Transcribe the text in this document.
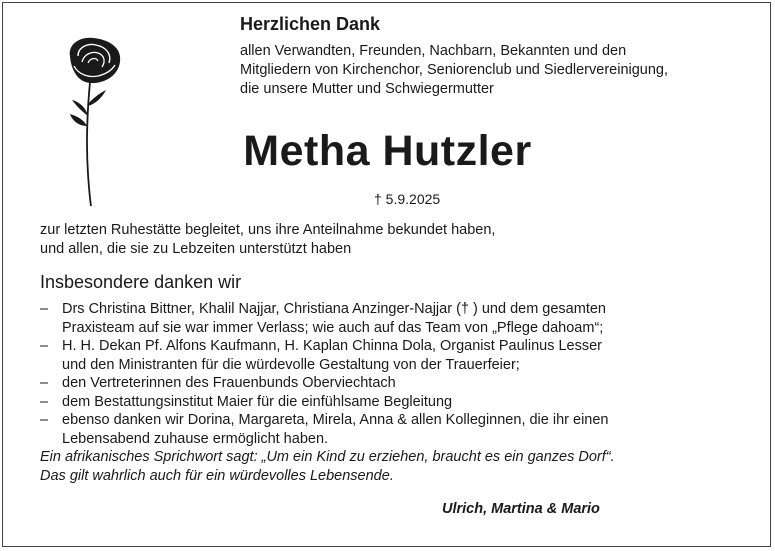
Herzlichen Dank

allen Verwandten, Freunden, Nachbarn, Bekannten und den
Mitgliedern von Kirchenchor, Seniorenclub und Siedlervereinigung,
die unsere Mutter und Schwiegermutter

Metha Hutzler
† 5.9.2025

zur letzten Ruhestätte begleitet, uns ihre Anteilnahme bekundet haben,
und allen, die sie zu Lebzeiten unterstützt haben

Insbesondere danken wir
– Drs Christina Bittner, Khalil Najjar, Christiana Anzinger-Najjar († ) und dem gesamten
Praxisteam auf sie war immer Verlass; wie auch auf das Team von „Pflege dahoam“;
– H. H. Dekan Pf. Alfons Kaufmann, H. Kaplan Chinna Dola, Organist Paulinus Lesser
und den Ministranten für die würdevolle Gestaltung von der Trauerfeier;
– den Vertreterinnen des Frauenbunds Oberviechtach
– dem Bestattungsinstitut Maier für die einfühlsame Begleitung
– ebenso danken wir Dorina, Margareta, Mirela, Anna & allen Kolleginnen, die ihr einen
Lebensabend zuhause ermöglicht haben.

Ein afrikanisches Sprichwort sagt: „Um ein Kind zu erziehen, braucht es ein ganzes Dorf“.
Das gilt wahrlich auch für ein würdevolles Lebensende.

Ulrich, Martina & Mario
